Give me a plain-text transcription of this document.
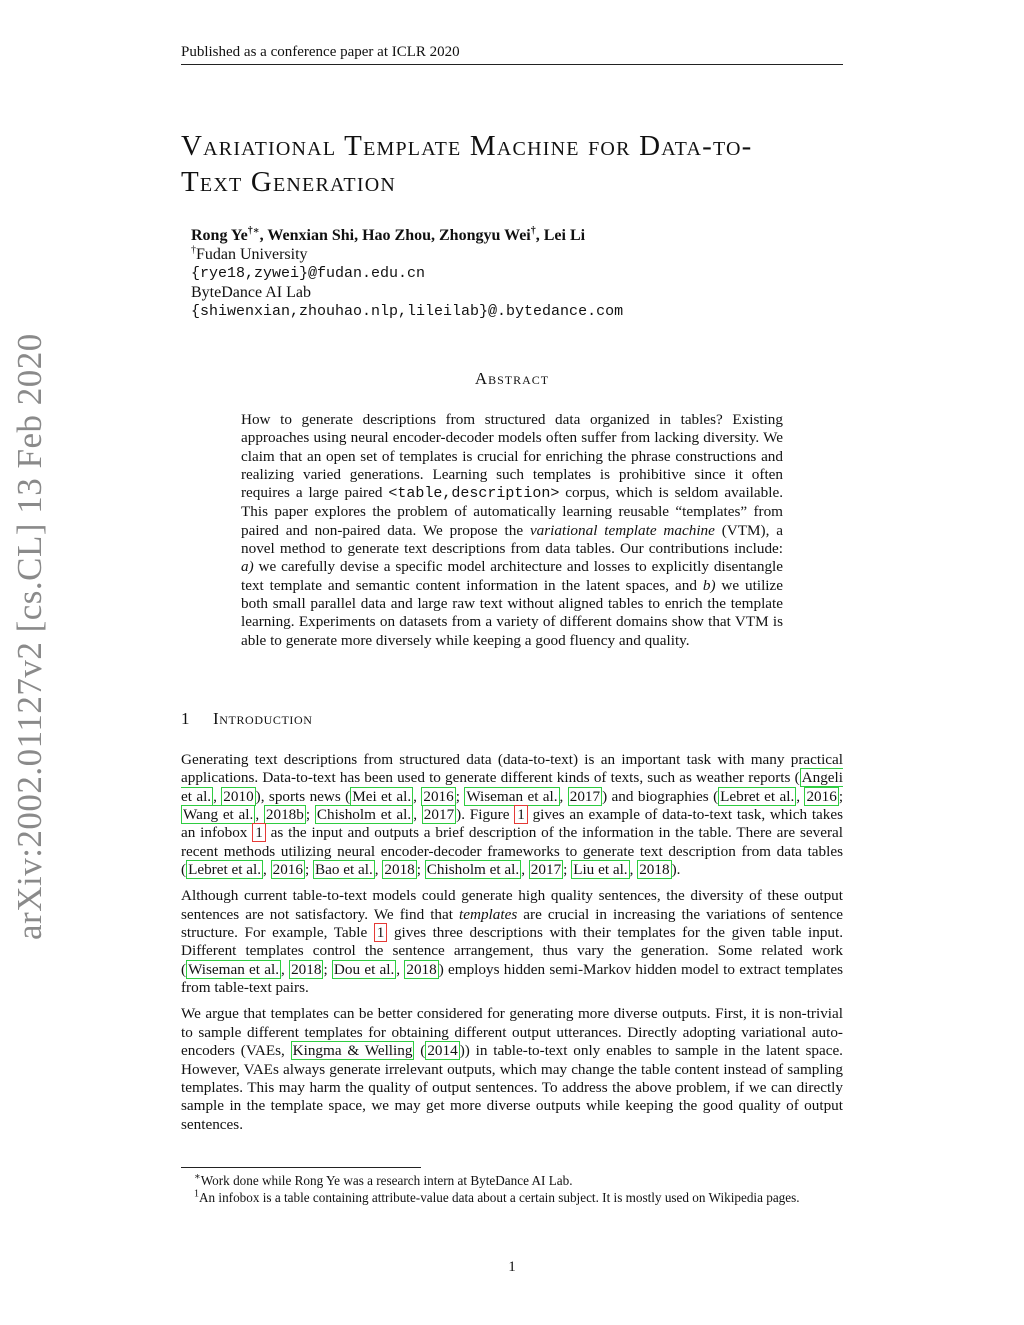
Published as a conference paper at ICLR 2020
arXiv:2002.01127v2 [cs.CL] 13 Feb 2020
Variational Template Machine for Data-to-
Text Generation
Rong Ye†∗, Wenxian Shi, Hao Zhou, Zhongyu Wei†, Lei Li
†Fudan University
{rye18,zywei}@fudan.edu.cn
ByteDance AI Lab
{shiwenxian,zhouhao.nlp,lileilab}@.bytedance.com
Abstract
How to generate descriptions from structured data organized in tables? Existing approaches using neural encoder-decoder models often suffer from lacking diversity. We claim that an open set of templates is crucial for enriching the phrase constructions and realizing varied generations. Learning such templates is prohibitive since it often requires a large paired <table,description> corpus, which is seldom available. This paper explores the problem of automatically learning reusable “templates” from paired and non-paired data. We propose the variational template machine (VTM), a novel method to generate text descriptions from data tables. Our contributions include: a) we carefully devise a specific model architecture and losses to explicitly disentangle text template and semantic content information in the latent spaces, and b) we utilize both small parallel data and large raw text without aligned tables to enrich the template learning. Experiments on datasets from a variety of different domains show that VTM is able to generate more diversely while keeping a good fluency and quality.
1 Introduction

Generating text descriptions from structured data (data-to-text) is an important task with many practical applications. Data-to-text has been used to generate different kinds of texts, such as weather reports ( Angeli et al. , 2010 ), sports news ( Mei et al. , 2016 ; Wiseman et al. , 2017 ) and biographies ( Lebret et al. , 2016 ; Wang et al. , 2018b ; Chisholm et al. , 2017 ). Figure 1 gives an example of data-to-text task, which takes an infobox 1 as the input and outputs a brief description of the information in the table. There are several recent methods utilizing neural encoder-decoder frameworks to generate text description from data tables ( Lebret et al. , 2016 ; Bao et al. , 2018 ; Chisholm et al. , 2017 ; Liu et al. , 2018 ).

Although current table-to-text models could generate high quality sentences, the diversity of these output sentences are not satisfactory. We find that templates are crucial in increasing the variations of sentence structure. For example, Table 1 gives three descriptions with their templates for the given table input. Different templates control the sentence arrangement, thus vary the generation. Some related work ( Wiseman et al. , 2018 ; Dou et al. , 2018 ) employs hidden semi-Markov hidden model to extract templates from table-text pairs.

We argue that templates can be better considered for generating more diverse outputs. First, it is non-trivial to sample different templates for obtaining different output utterances. Directly adopting variational auto-encoders (VAEs, Kingma & Welling ( 2014 )) in table-to-text only enables to sample in the latent space. However, VAEs always generate irrelevant outputs, which may change the table content instead of sampling templates. This may harm the quality of output sentences. To address the above problem, if we can directly sample in the template space, we may get more diverse outputs while keeping the good quality of output sentences.

∗Work done while Rong Ye was a research intern at ByteDance AI Lab.
$^1$An infobox is a table containing attribute-value data about a certain subject. It is mostly used on Wikipedia pages.
1
